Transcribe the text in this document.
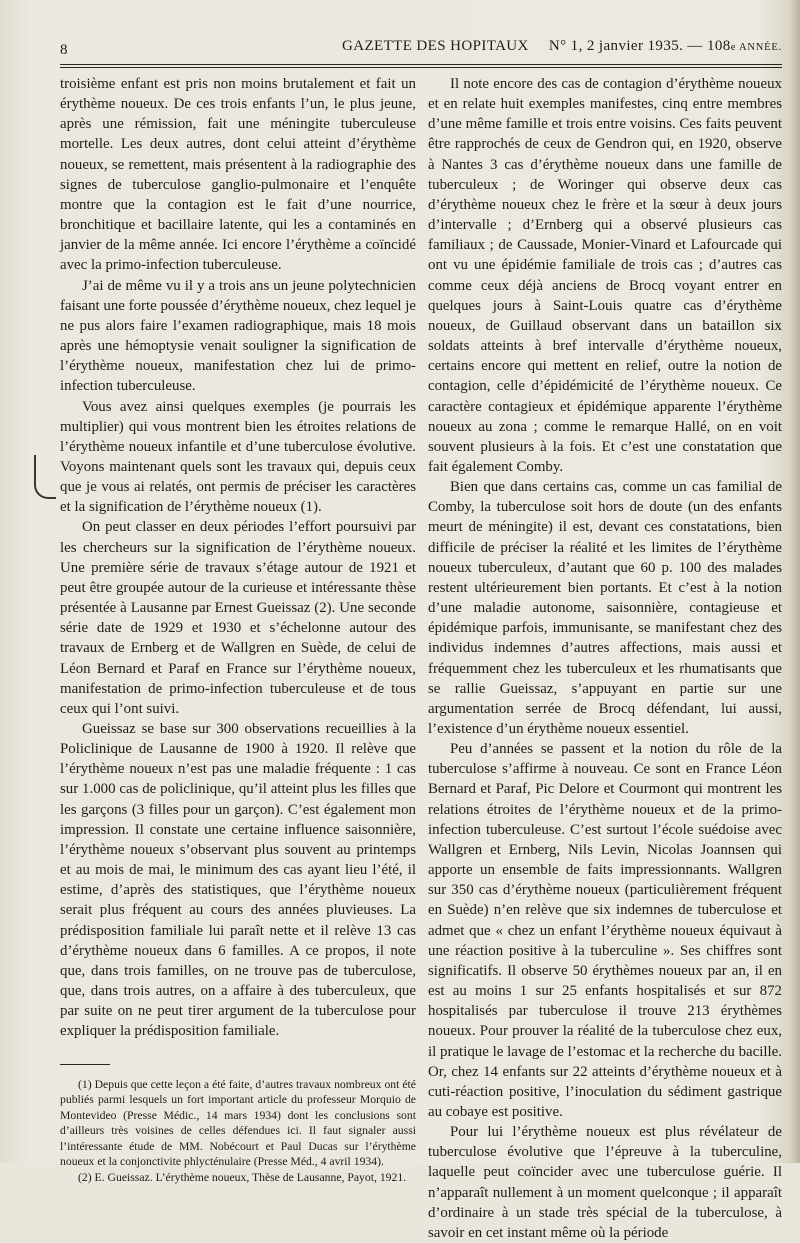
8	GAZETTE DES HOPITAUX N° 1, 2 janvier 1935. — 108e ANNÉE.

troisième enfant est pris non moins brutalement et fait un érythème noueux. De ces trois enfants l’un, le plus jeune, après une rémission, fait une méningite tuberculeuse mortelle. Les deux autres, dont celui atteint d’érythème noueux, se remettent, mais présentent à la radiographie des signes de tuberculose ganglio-pulmonaire et l’enquête montre que la contagion est le fait d’une nourrice, bronchitique et bacillaire latente, qui les a contaminés en janvier de la même année. Ici encore l’érythème a coïncidé avec la primo-infection tuberculeuse.

J’ai de même vu il y a trois ans un jeune polytechnicien faisant une forte poussée d’érythème noueux, chez lequel je ne pus alors faire l’examen radiographique, mais 18 mois après une hémoptysie venait souligner la signification de l’érythème noueux, manifestation chez lui de primo-infection tuberculeuse.

Vous avez ainsi quelques exemples (je pourrais les multiplier) qui vous montrent bien les étroites relations de l’érythème noueux infantile et d’une tuberculose évolutive. Voyons maintenant quels sont les travaux qui, depuis ceux que je vous ai relatés, ont permis de préciser les caractères et la signification de l’érythème noueux (1).

On peut classer en deux périodes l’effort poursuivi par les chercheurs sur la signification de l’érythème noueux. Une première série de travaux s’étage autour de 1921 et peut être groupée autour de la curieuse et intéressante thèse présentée à Lausanne par Ernest Gueissaz (2). Une seconde série date de 1929 et 1930 et s’échelonne autour des travaux de Ernberg et de Wallgren en Suède, de celui de Léon Bernard et Paraf en France sur l’érythème noueux, manifestation de primo-infection tuberculeuse et de tous ceux qui l’ont suivi.

Gueissaz se base sur 300 observations recueillies à la Policlinique de Lausanne de 1900 à 1920. Il relève que l’érythème noueux n’est pas une maladie fréquente : 1 cas sur 1.000 cas de policlinique, qu’il atteint plus les filles que les garçons (3 filles pour un garçon). C’est également mon impression. Il constate une certaine influence saisonnière, l’érythème noueux s’observant plus souvent au printemps et au mois de mai, le minimum des cas ayant lieu l’été, il estime, d’après des statistiques, que l’érythème noueux serait plus fréquent au cours des années pluvieuses. La prédisposition familiale lui paraît nette et il relève 13 cas d’érythème noueux dans 6 familles. A ce propos, il note que, dans trois familles, on ne trouve pas de tuberculose, que, dans trois autres, on a affaire à des tuberculeux, que par suite on ne peut tirer argument de la tuberculose pour expliquer la prédisposition familiale.

(1) Depuis que cette leçon a été faite, d’autres travaux nombreux ont été publiés parmi lesquels un fort important article du professeur Morquio de Montevideo (Presse Médic., 14 mars 1934) dont les conclusions sont d’ailleurs très voisines de celles défendues ici. Il faut signaler aussi l’intéressante étude de MM. Nobécourt et Paul Ducas sur l’érythème noueux et la conjonctivite phlycténulaire (Presse Méd., 4 avril 1934).

(2) E. Gueissaz. L’érythème noueux, Thèse de Lausanne, Payot, 1921.

Il note encore des cas de contagion d’érythème noueux et en relate huit exemples manifestes, cinq entre membres d’une même famille et trois entre voisins. Ces faits peuvent être rapprochés de ceux de Gendron qui, en 1920, observe à Nantes 3 cas d’érythème noueux dans une famille de tuberculeux ; de Woringer qui observe deux cas d’érythème noueux chez le frère et la sœur à deux jours d’intervalle ; d’Ernberg qui a observé plusieurs cas familiaux ; de Caussade, Monier-Vinard et Lafourcade qui ont vu une épidémie familiale de trois cas ; d’autres cas comme ceux déjà anciens de Brocq voyant entrer en quelques jours à Saint-Louis quatre cas d’érythème noueux, de Guillaud observant dans un bataillon six soldats atteints à bref intervalle d’érythème noueux, certains encore qui mettent en relief, outre la notion de contagion, celle d’épidémicité de l’érythème noueux. Ce caractère contagieux et épidémique apparente l’érythème noueux au zona ; comme le remarque Hallé, on en voit souvent plusieurs à la fois. Et c’est une constatation que fait également Comby.

Bien que dans certains cas, comme un cas familial de Comby, la tuberculose soit hors de doute (un des enfants meurt de méningite) il est, devant ces constatations, bien difficile de préciser la réalité et les limites de l’érythème noueux tuberculeux, d’autant que 60 p. 100 des malades restent ultérieurement bien portants. Et c’est à la notion d’une maladie autonome, saisonnière, contagieuse et épidémique parfois, immunisante, se manifestant chez des individus indemnes d’autres affections, mais aussi et fréquemment chez les tuberculeux et les rhumatisants que se rallie Gueissaz, s’appuyant en partie sur une argumentation serrée de Brocq défendant, lui aussi, l’existence d’un érythème noueux essentiel.

Peu d’années se passent et la notion du rôle de la tuberculose s’affirme à nouveau. Ce sont en France Léon Bernard et Paraf, Pic Delore et Courmont qui montrent les relations étroites de l’érythème noueux et de la primo-infection tuberculeuse. C’est surtout l’école suédoise avec Wallgren et Ernberg, Nils Levin, Nicolas Joannsen qui apporte un ensemble de faits impressionnants. Wallgren sur 350 cas d’érythème noueux (particulièrement fréquent en Suède) n’en relève que six indemnes de tuberculose et admet que « chez un enfant l’érythème noueux équivaut à une réaction positive à la tuberculine ». Ses chiffres sont significatifs. Il observe 50 érythèmes noueux par an, il en est au moins 1 sur 25 enfants hospitalisés et sur 872 hospitalisés par tuberculose il trouve 213 érythèmes noueux. Pour prouver la réalité de la tuberculose chez eux, il pratique le lavage de l’estomac et la recherche du bacille. Or, chez 14 enfants sur 22 atteints d’érythème noueux et à cuti-réaction positive, l’inoculation du sédiment gastrique au cobaye est positive.

Pour lui l’érythème noueux est plus révélateur de tuberculose évolutive que l’épreuve à la tuberculine, laquelle peut coïncider avec une tuberculose guérie. Il n’apparaît nullement à un moment quelconque ; il apparaît d’ordinaire à un stade très spécial de la tuberculose, à savoir en cet instant même où la période
